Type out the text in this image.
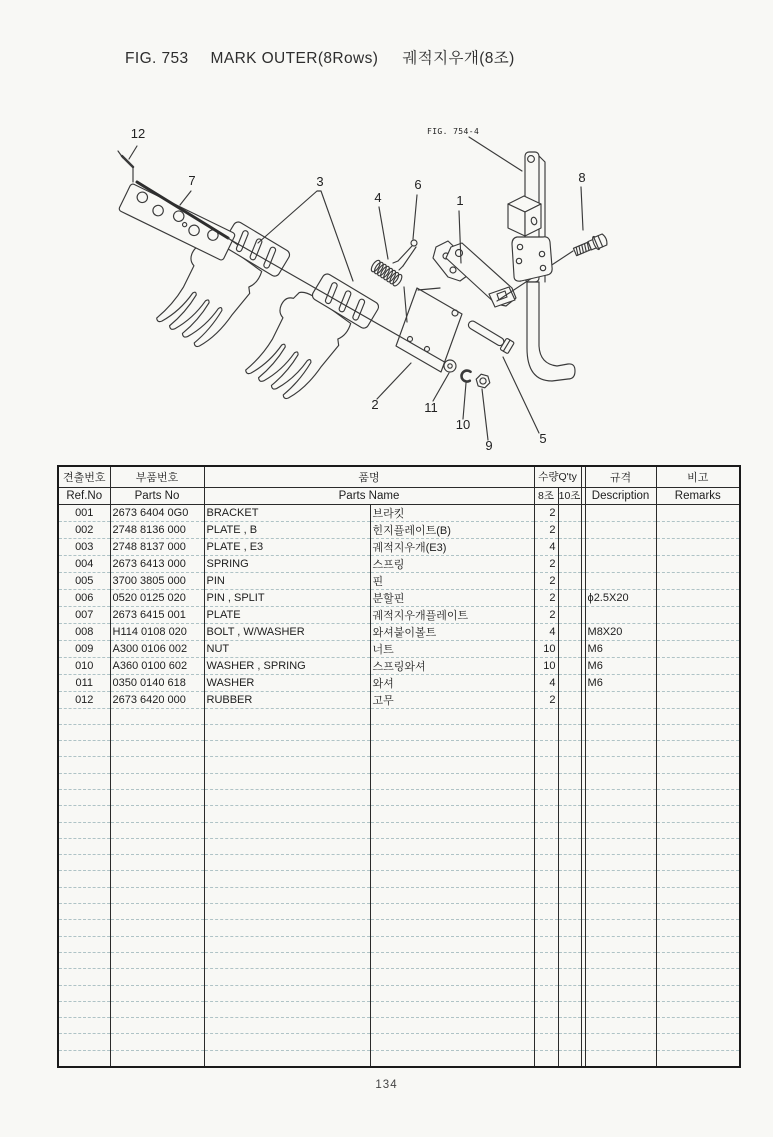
FIG. 753 MARK OUTER(8Rows) 궤적지우개(8조)
12
7	3
4
6
1
8
2	11
10
9	5
FIG. 754-4
견출번호	부품번호	품명		수량Q'ty			규격	비고
Ref.No	Parts No	Parts Name		8조	10조		Description	Remarks
001	2673 6404 0G0	BRACKET	브라킷	2				
002	2748 8136 000	PLATE , B	힌지플레이트(B)	2				
003	2748 8137 000	PLATE , E3	궤적지우개(E3)	4				
004	2673 6413 000	SPRING	스프링	2				
005	3700 3805 000	PIN	핀	2				
006	0520 0125 020	PIN , SPLIT	분할핀	2			ϕ2.5X20	
007	2673 6415 001	PLATE	궤적지우개플레이트	2				
008	H114 0108 020	BOLT , W/WASHER	와셔붙이볼트	4			M8X20	
009	A300 0106 002	NUT	너트	10			M6	
010	A360 0100 602	WASHER , SPRING	스프링와셔	10			M6	
011	0350 0140 618	WASHER	와셔	4			M6	
012	2673 6420 000	RUBBER	고무	2				

134
